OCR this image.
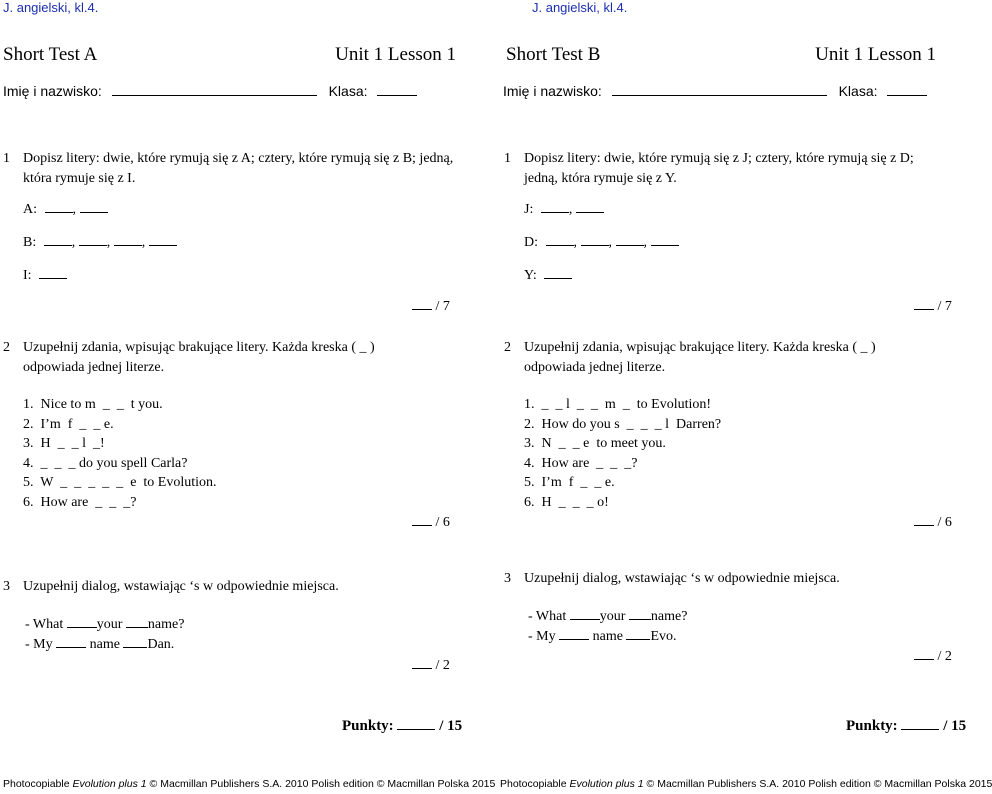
J. angielski, kl.4.
Short Test A	Unit 1 Lesson 1
Imię i nazwisko:	Klasa:
1 Dopisz litery: dwie, które rymują się z A; cztery, które rymują się z B; jedną, która rymuje się z I.
A:	,
B:	, , ,
I:
/ 7
2 Uzupełnij zdania, wpisując brakujące litery. Każda kreska ( _ ) odpowiada jednej literze.
1.  Nice to m  _  _  t you.
2.  I’m  f  _  _ e.
3.  H  _  _ l  _!
4.  _  _  _ do you spell Carla?
5.  W  _  _  _  _  _  e  to Evolution.
6.  How are  _  _  _?
/ 6
3 Uzupełnij dialog, wstawiając ‘s w odpowiednie miejsca.
- What your name?
- My	name Dan.
/ 2
Punkty:	/ 15
Photocopiable Evolution plus 1 © Macmillan Publishers S.A. 2010 Polish edition © Macmillan Polska 2015
J. angielski, kl.4.
Short Test B	Unit 1 Lesson 1
Imię i nazwisko:	Klasa:
1 Dopisz litery: dwie, które rymują się z J; cztery, które rymują się z D; jedną, która rymuje się z Y.
J:	,
D:	, , ,
Y:
/ 7
2 Uzupełnij zdania, wpisując brakujące litery. Każda kreska ( _ ) odpowiada jednej literze.
1.  _  _ l  _  _  m  _  to Evolution!
2.  How do you s  _  _  _ l  Darren?
3.  N  _  _ e  to meet you.
4.  How are  _  _  _?
5.  I’m  f  _  _ e.
6.  H  _  _  _ o!
/ 6
3 Uzupełnij dialog, wstawiając ‘s w odpowiednie miejsca.
- What your name?
- My	name Evo.
/ 2
Punkty:	/ 15
Photocopiable Evolution plus 1 © Macmillan Publishers S.A. 2010 Polish edition © Macmillan Polska 2015
